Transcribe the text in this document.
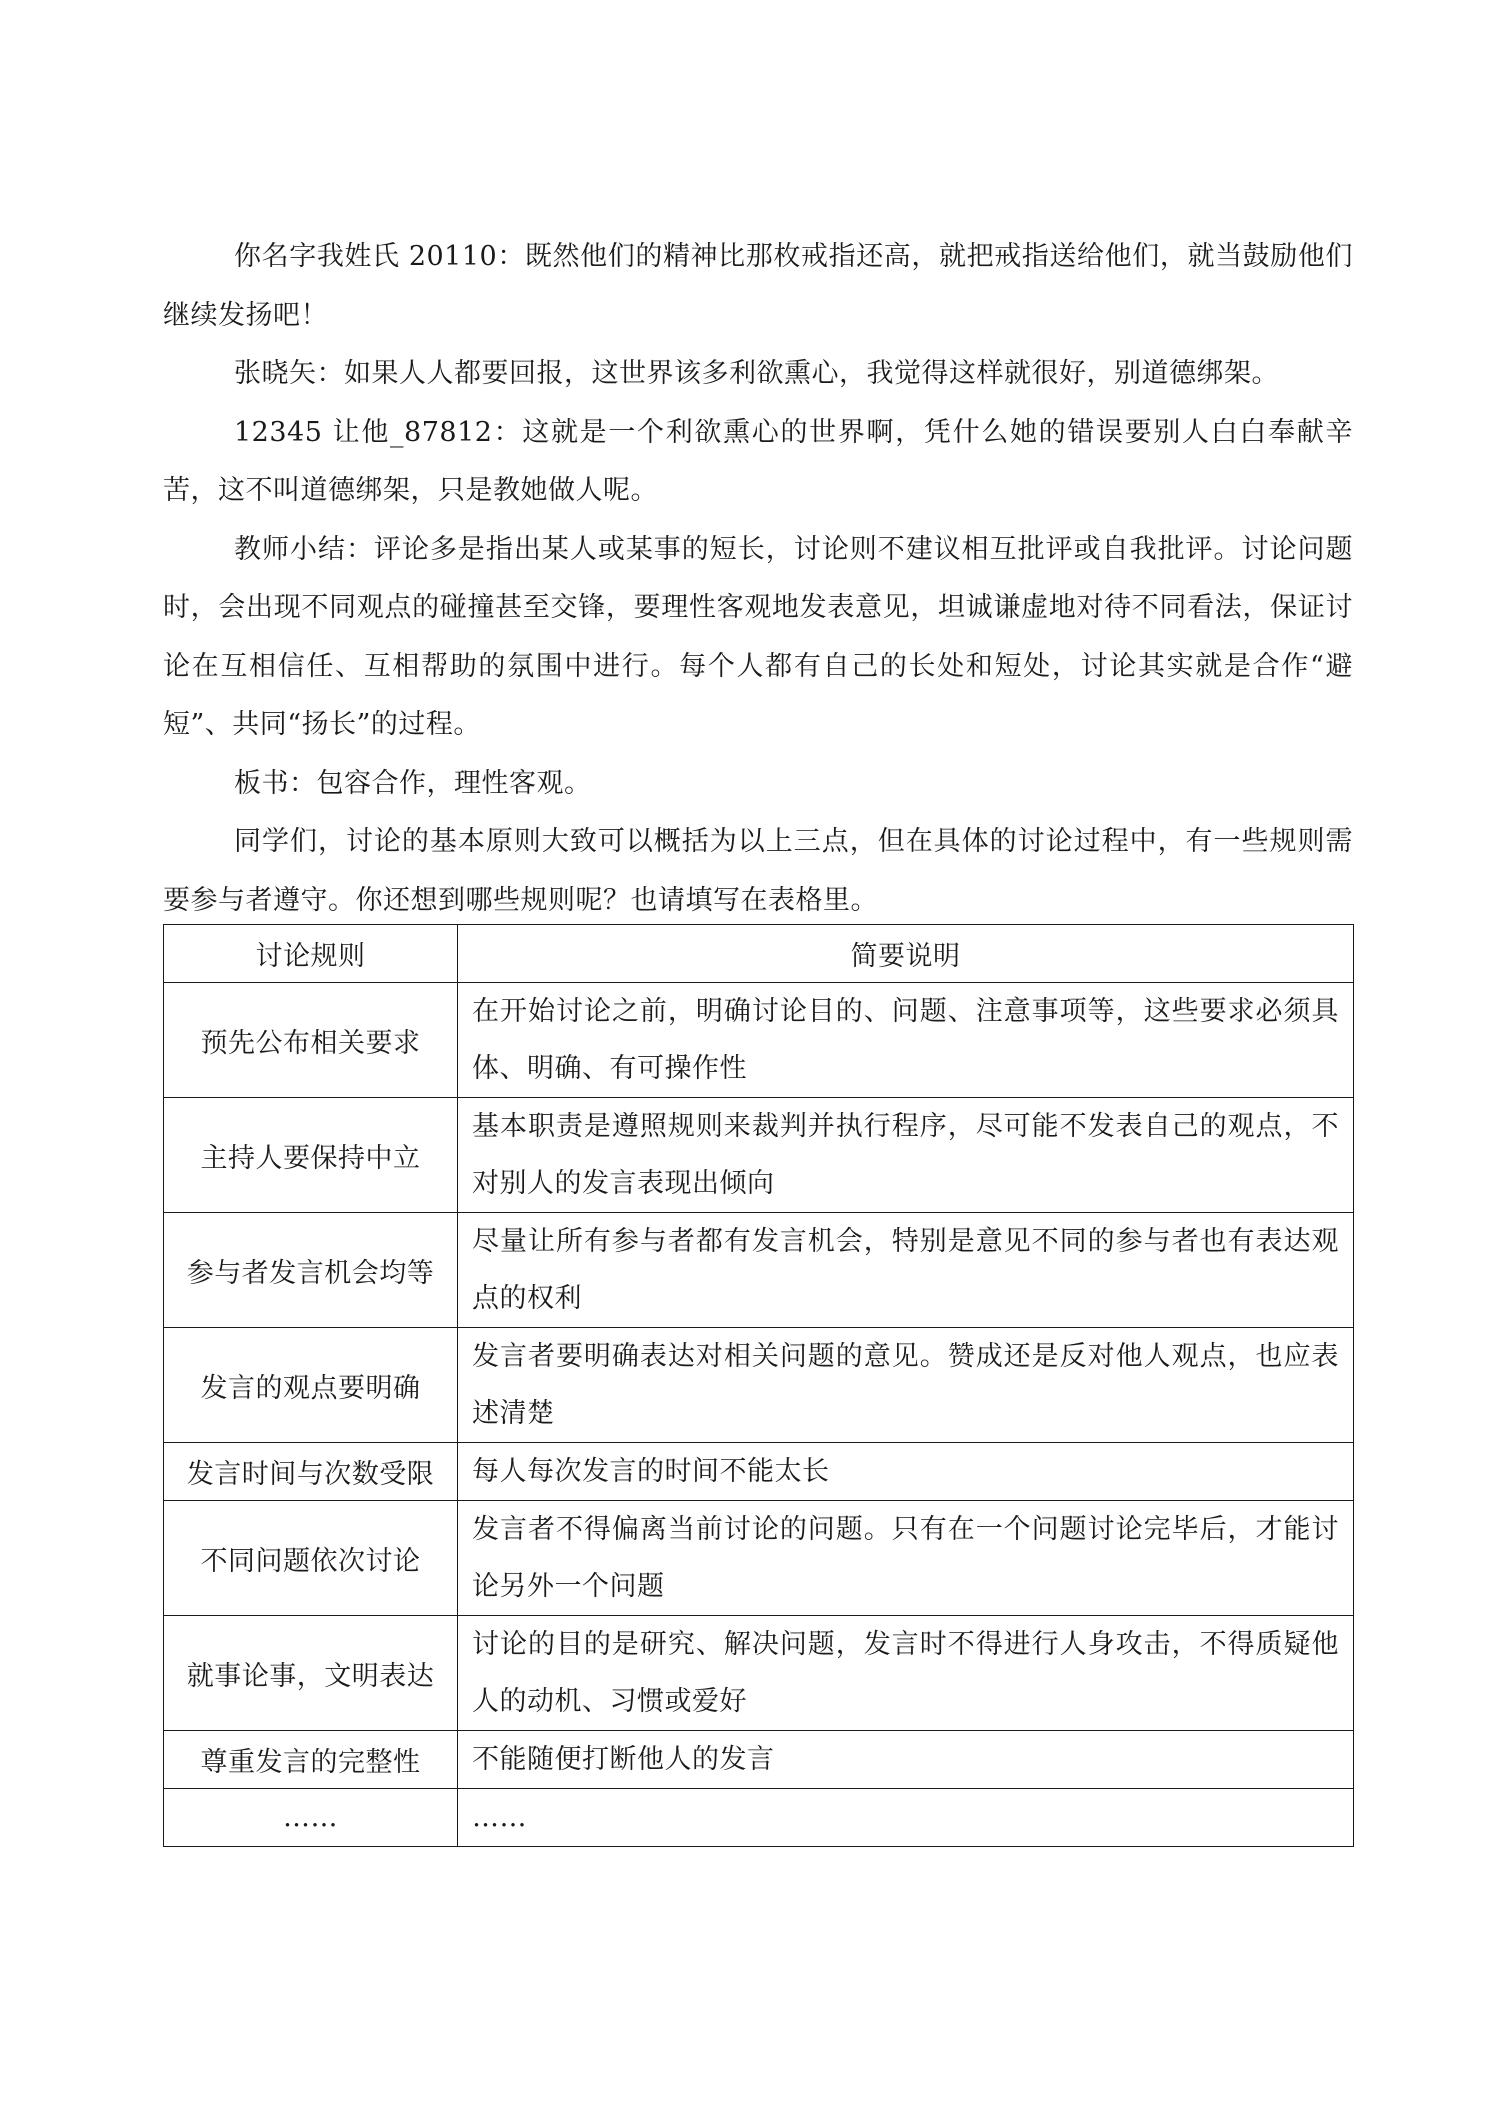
你名字我姓氏 20110：既然他们的精神比那枚戒指还高，就把戒指送给他们，就当鼓励他们继续发扬吧！

张晓矢：如果人人都要回报，这世界该多利欲熏心，我觉得这样就很好，别道德绑架。

12345 让他_87812：这就是一个利欲熏心的世界啊，凭什么她的错误要别人白白奉献辛苦，这不叫道德绑架，只是教她做人呢。

教师小结：评论多是指出某人或某事的短长，讨论则不建议相互批评或自我批评。讨论问题时，会出现不同观点的碰撞甚至交锋，要理性客观地发表意见，坦诚谦虚地对待不同看法，保证讨论在互相信任、互相帮助的氛围中进行。每个人都有自己的长处和短处，讨论其实就是合作“避短”、共同“扬长”的过程。

板书：包容合作，理性客观。

同学们，讨论的基本原则大致可以概括为以上三点，但在具体的讨论过程中，有一些规则需要参与者遵守。你还想到哪些规则呢？也请填写在表格里。

讨论规则	简要说明
预先公布相关要求	在开始讨论之前，明确讨论目的、问题、注意事项等，这些要求必须具体、明确、有可操作性
主持人要保持中立	基本职责是遵照规则来裁判并执行程序，尽可能不发表自己的观点，不对别人的发言表现出倾向
参与者发言机会均等	尽量让所有参与者都有发言机会，特别是意见不同的参与者也有表达观点的权利
发言的观点要明确	发言者要明确表达对相关问题的意见。赞成还是反对他人观点，也应表述清楚
发言时间与次数受限	每人每次发言的时间不能太长
不同问题依次讨论	发言者不得偏离当前讨论的问题。只有在一个问题讨论完毕后，才能讨论另外一个问题
就事论事，文明表达	讨论的目的是研究、解决问题，发言时不得进行人身攻击，不得质疑他人的动机、习惯或爱好
尊重发言的完整性	不能随便打断他人的发言
……	……
